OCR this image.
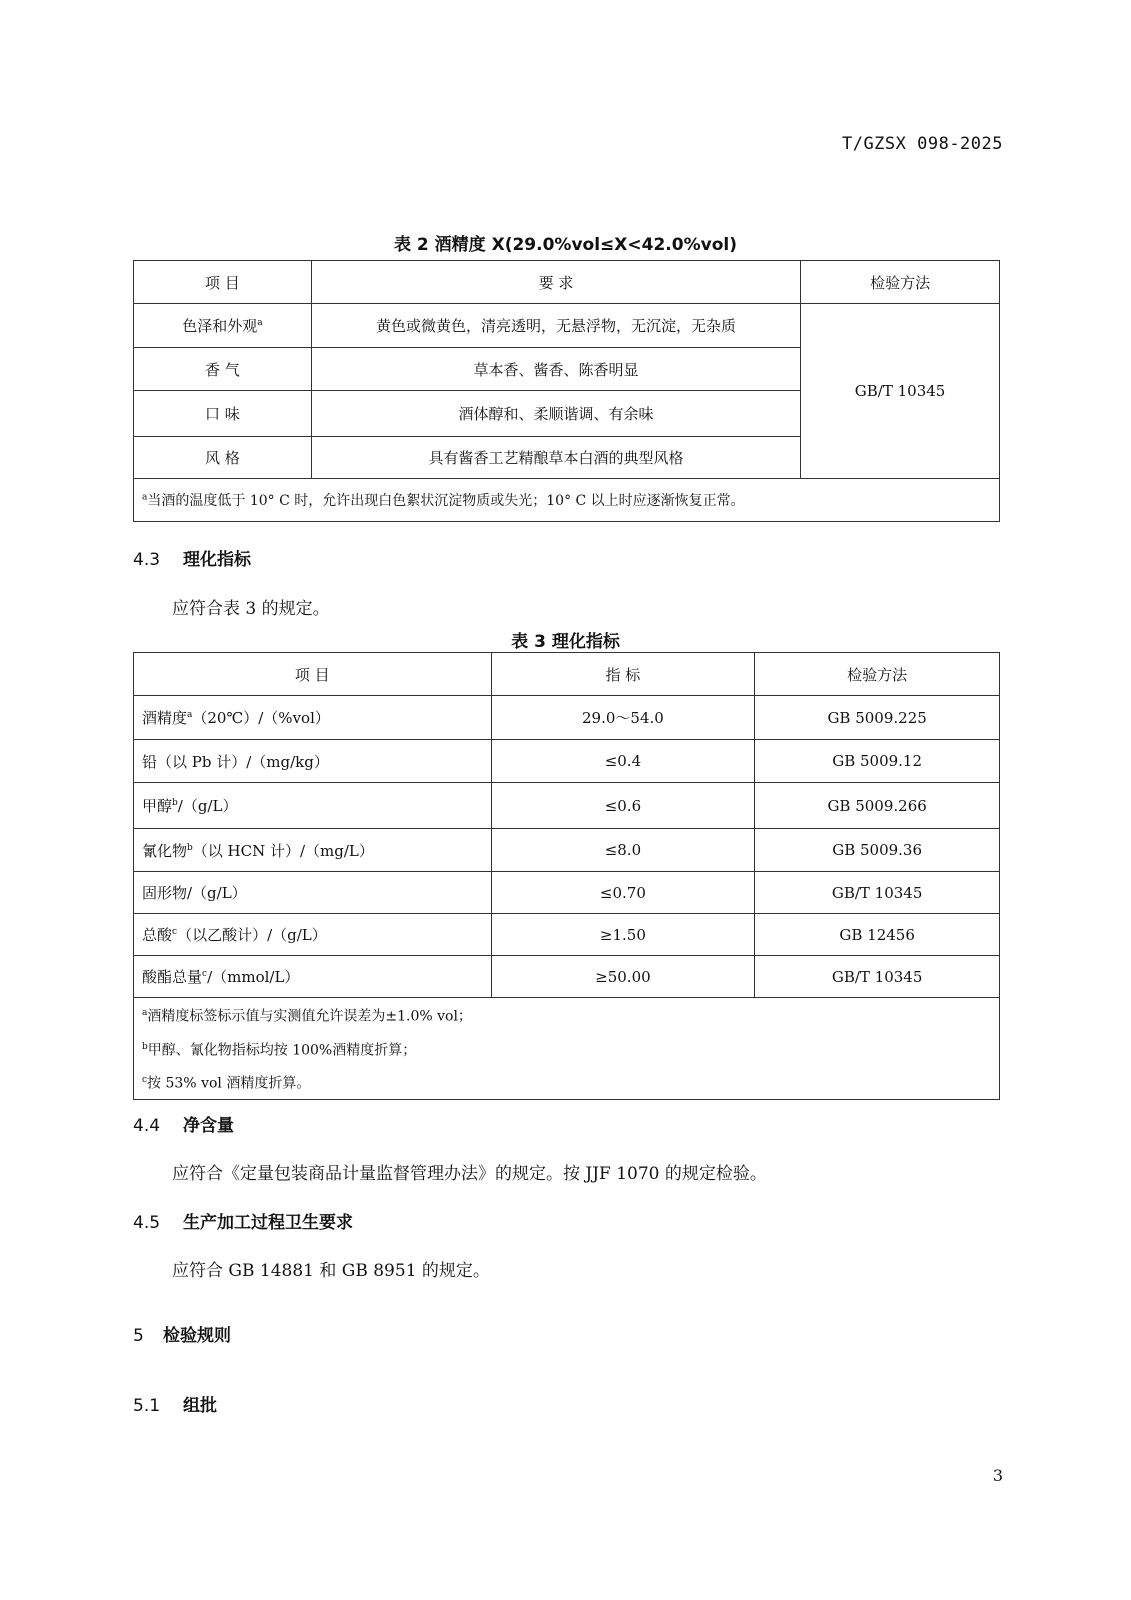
T/GZSX 098-2025
表 2 酒精度 X(29.0%vol≤X<42.0%vol)
项 目	要 求	检验方法
色泽和外观$^a$	黄色或微黄色，清亮透明，无悬浮物，无沉淀，无杂质	GB/T 10345
香 气	草本香、酱香、陈香明显	
口 味	酒体醇和、柔顺谐调、有余味	
风 格	具有酱香工艺精酿草本白酒的典型风格	
$^a$当酒的温度低于 10° C 时，允许出现白色絮状沉淀物质或失光；10° C 以上时应逐渐恢复正常。		
4.3 理化指标
应符合表 3 的规定。
表 3 理化指标
项 目	指 标	检验方法
酒精度$^a$（20℃）/（%vol）	29.0～54.0	GB 5009.225
铅（以 Pb 计）/（mg/kg）	≤0.4	GB 5009.12
甲醇$^b$/（g/L）	≤0.6	GB 5009.266
氰化物$^b$（以 HCN 计）/（mg/L）	≤8.0	GB 5009.36
固形物/（g/L）	≤0.70	GB/T 10345
总酸$^c$（以乙酸计）/（g/L）	≥1.50	GB 12456
酸酯总量$^c$/（mmol/L）	≥50.00	GB/T 10345

$^a$酒精度标签标示值与实测值允许误差为±1.0% vol；
$^b$甲醇、氰化物指标均按 100%酒精度折算；
$^c$按 53% vol 酒精度折算。		
4.4 净含量
应符合《定量包装商品计量监督管理办法》的规定。按 JJF 1070 的规定检验。
4.5 生产加工过程卫生要求
应符合 GB 14881 和 GB 8951 的规定。
5 检验规则
5.1 组批
3
